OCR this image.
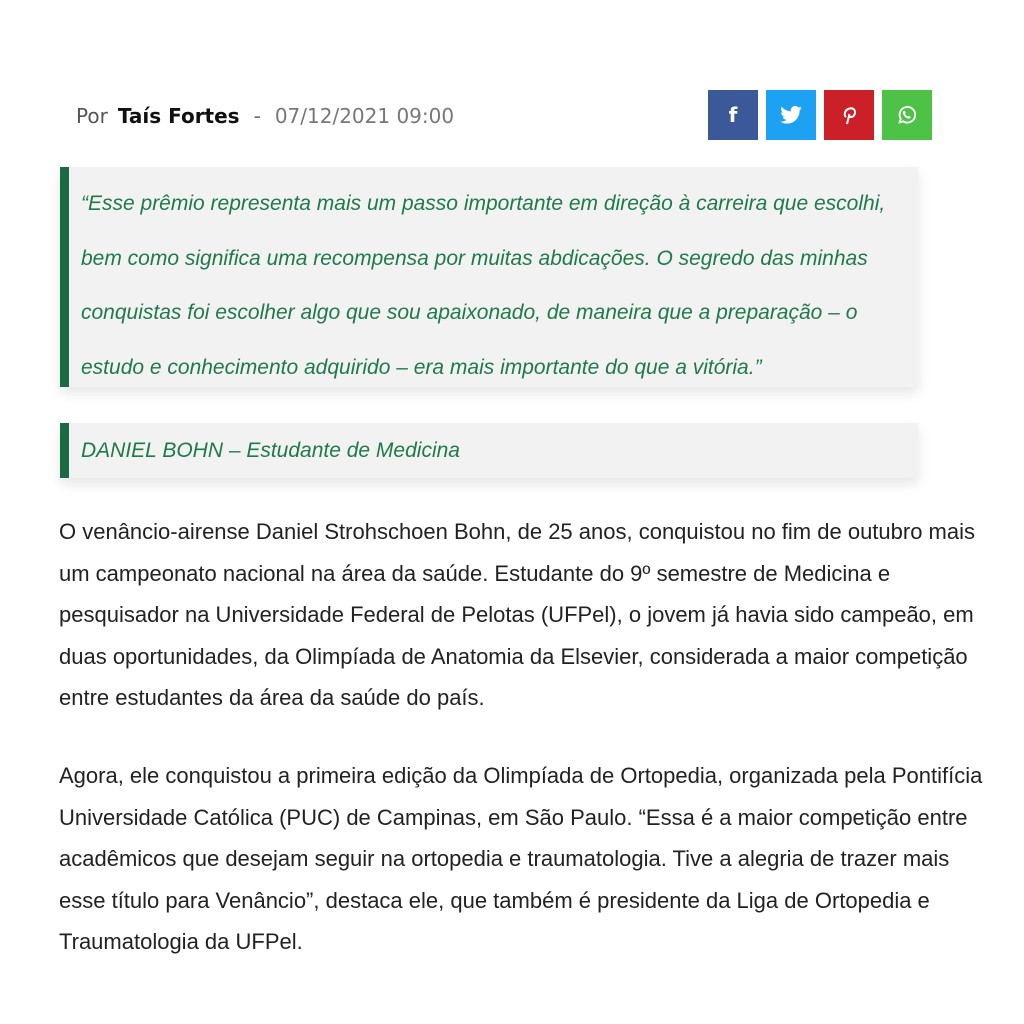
Por Taís Fortes - 07/12/2021 09:00	f

“Esse prêmio representa mais um passo importante em direção à carreira que escolhi,

bem como significa uma recompensa por muitas abdicações. O segredo das minhas

conquistas foi escolher algo que sou apaixonado, de maneira que a preparação – o

estudo e conhecimento adquirido – era mais importante do que a vitória.”

DANIEL BOHN – Estudante de Medicina

O venâncio-airense Daniel Strohschoen Bohn, de 25 anos, conquistou no fim de outubro mais um campeonato nacional na área da saúde. Estudante do 9º semestre de Medicina e pesquisador na Universidade Federal de Pelotas (UFPel), o jovem já havia sido campeão, em duas oportunidades, da Olimpíada de Anatomia da Elsevier, considerada a maior competição entre estudantes da área da saúde do país.

Agora, ele conquistou a primeira edição da Olimpíada de Ortopedia, organizada pela Pontifícia Universidade Católica (PUC) de Campinas, em São Paulo. “Essa é a maior competição entre acadêmicos que desejam seguir na ortopedia e traumatologia. Tive a alegria de trazer mais esse título para Venâncio”, destaca ele, que também é presidente da Liga de Ortopedia e Traumatologia da UFPel.
